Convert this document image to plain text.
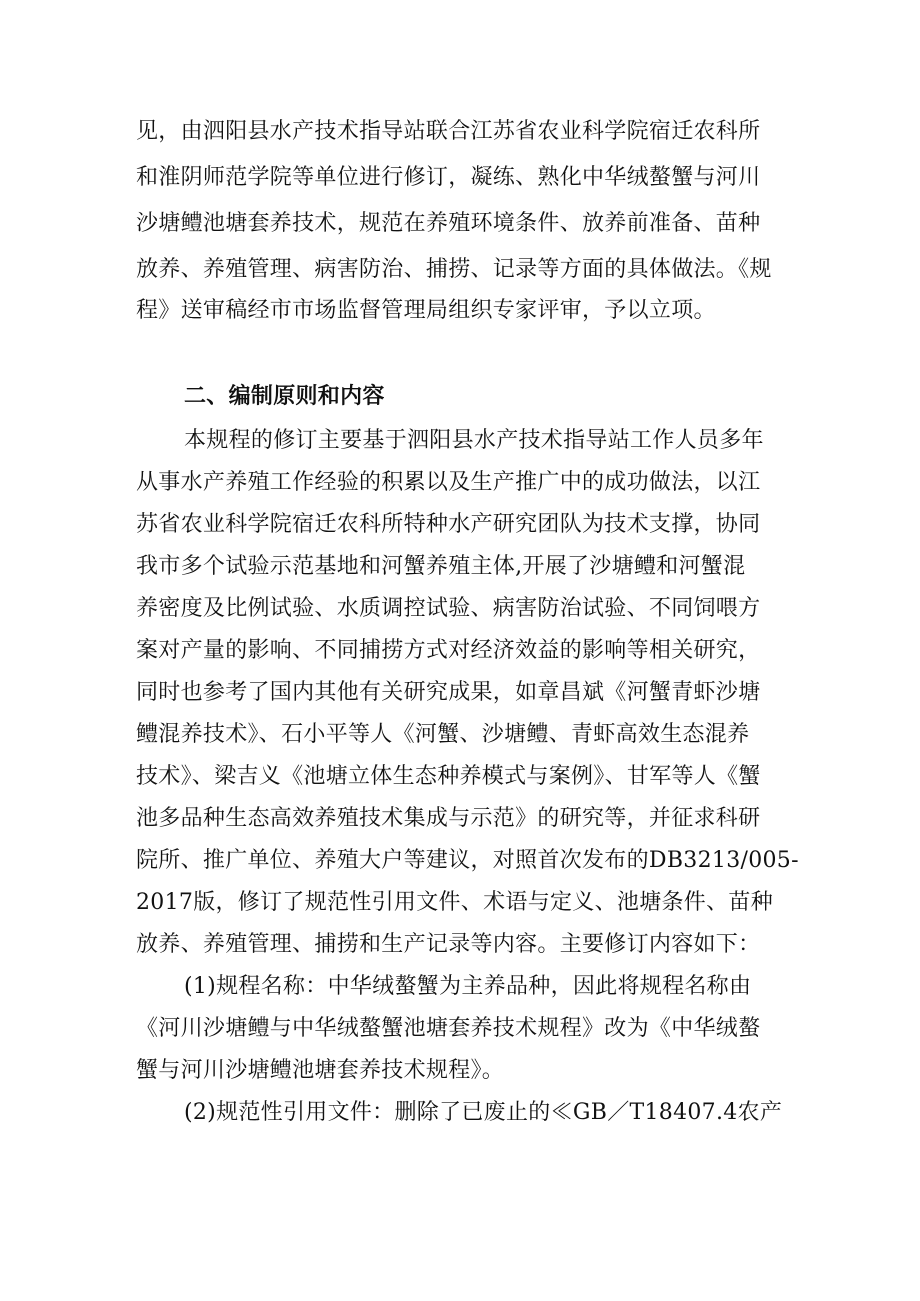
见，由泗阳县水产技术指导站联合江苏省农业科学院宿迁农科所
和淮阴师范学院等单位进行修订，凝练、熟化中华绒螯蟹与河川
沙塘鳢池塘套养技术，规范在养殖环境条件、放养前准备、苗种
放养、养殖管理、病害防治、捕捞、记录等方面的具体做法。《规
程》送审稿经市市场监督管理局组织专家评审，予以立项。
二、编制原则和内容
本规程的修订主要基于泗阳县水产技术指导站工作人员多年
从事水产养殖工作经验的积累以及生产推广中的成功做法，以江
苏省农业科学院宿迁农科所特种水产研究团队为技术支撑，协同
我市多个试验示范基地和河蟹养殖主体,开展了沙塘鳢和河蟹混
养密度及比例试验、水质调控试验、病害防治试验、不同饲喂方
案对产量的影响、不同捕捞方式对经济效益的影响等相关研究，
同时也参考了国内其他有关研究成果，如章昌斌《河蟹青虾沙塘
鳢混养技术》、石小平等人《河蟹、沙塘鳢、青虾高效生态混养
技术》、梁吉义《池塘立体生态种养模式与案例》、甘军等人《蟹
池多品种生态高效养殖技术集成与示范》的研究等，并征求科研
院所、推广单位、养殖大户等建议，对照首次发布的DB3213/005-
2017版，修订了规范性引用文件、术语与定义、池塘条件、苗种
放养、养殖管理、捕捞和生产记录等内容。主要修订内容如下：
(1)规程名称：中华绒螯蟹为主养品种，因此将规程名称由
《河川沙塘鳢与中华绒螯蟹池塘套养技术规程》改为《中华绒螯
蟹与河川沙塘鳢池塘套养技术规程》。
(2)规范性引用文件：删除了已废止的≪GB／T18407.4农产
